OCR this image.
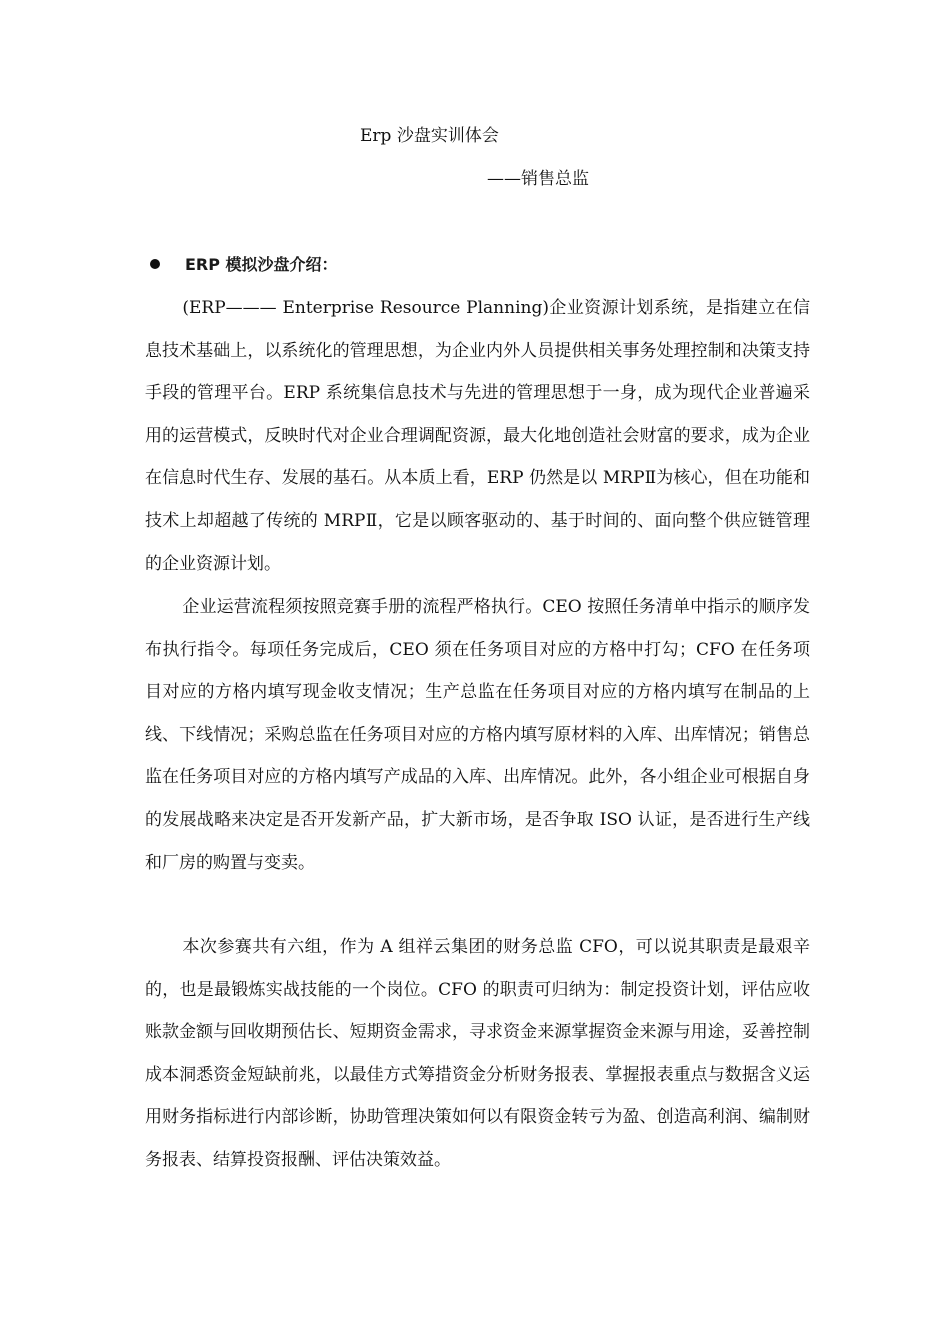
Erp 沙盘实训体会
——销售总监
ERP 模拟沙盘介绍：

(ERP——— Enterprise Resource Planning)企业资源计划系统，是指建立在信息技术基础上，以系统化的管理思想，为企业内外人员提供相关事务处理控制和决策支持手段的管理平台。ERP 系统集信息技术与先进的管理思想于一身，成为现代企业普遍采用的运营模式，反映时代对企业合理调配资源，最大化地创造社会财富的要求，成为企业在信息时代生存、发展的基石。从本质上看，ERP 仍然是以 MRPⅡ为核心，但在功能和技术上却超越了传统的 MRPⅡ，它是以顾客驱动的、基于时间的、面向整个供应链管理的企业资源计划。

企业运营流程须按照竞赛手册的流程严格执行。CEO 按照任务清单中指示的顺序发布执行指令。每项任务完成后，CEO 须在任务项目对应的方格中打勾；CFO 在任务项目对应的方格内填写现金收支情况；生产总监在任务项目对应的方格内填写在制品的上线、下线情况；采购总监在任务项目对应的方格内填写原材料的入库、出库情况；销售总监在任务项目对应的方格内填写产成品的入库、出库情况。此外，各小组企业可根据自身的发展战略来决定是否开发新产品，扩大新市场，是否争取 ISO 认证，是否进行生产线和厂房的购置与变卖。

本次参赛共有六组，作为 A 组祥云集团的财务总监 CFO，可以说其职责是最艰辛的，也是最锻炼实战技能的一个岗位。CFO 的职责可归纳为：制定投资计划，评估应收账款金额与回收期预估长、短期资金需求，寻求资金来源掌握资金来源与用途，妥善控制成本洞悉资金短缺前兆，以最佳方式筹措资金分析财务报表、掌握报表重点与数据含义运用财务指标进行内部诊断，协助管理决策如何以有限资金转亏为盈、创造高利润、编制财务报表、结算投资报酬、评估决策效益。
